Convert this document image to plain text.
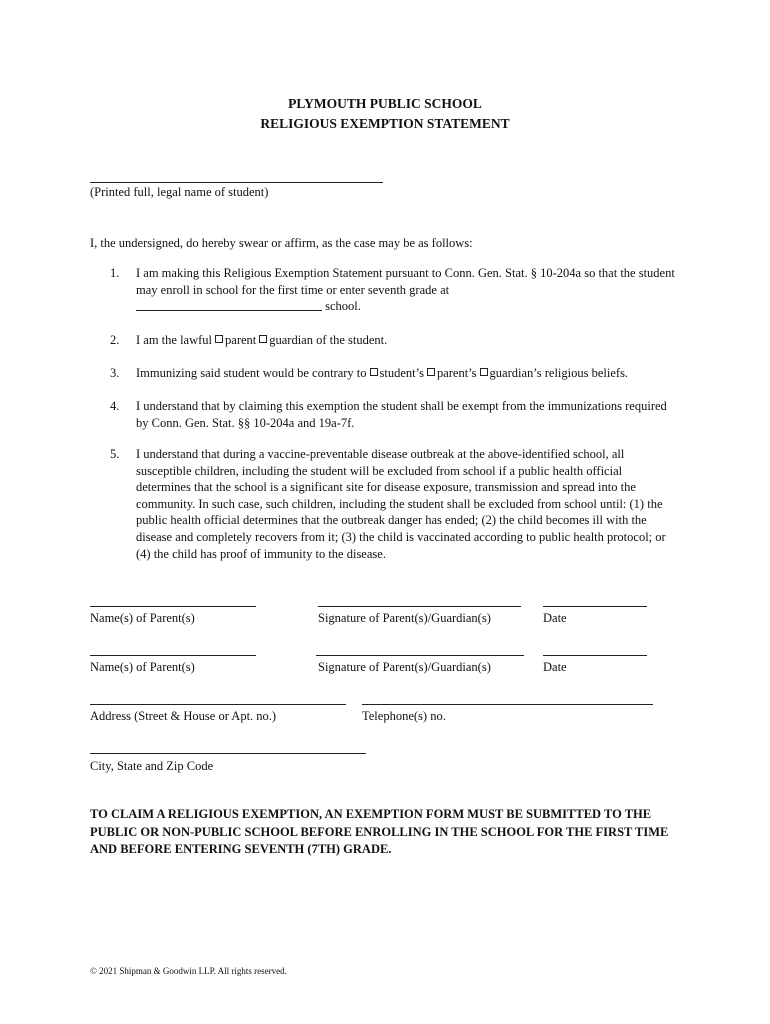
PLYMOUTH PUBLIC SCHOOL
RELIGIOUS EXEMPTION STATEMENT
(Printed full, legal name of student)
I, the undersigned, do hereby swear or affirm, as the case may be as follows:
1.	I am making this Religious Exemption Statement pursuant to Conn. Gen. Stat. § 10-204a so that the student may enroll in school for the first time or enter seventh grade at
school.
2.	I am the lawful parent guardian of the student.
3.	Immunizing said student would be contrary to student’s parent’s guardian’s religious beliefs.
4.	I understand that by claiming this exemption the student shall be exempt from the immunizations required by Conn. Gen. Stat. §§ 10-204a and 19a-7f.
5.	I understand that during a vaccine-preventable disease outbreak at the above-identified school, all susceptible children, including the student will be excluded from school if a public health official determines that the school is a significant site for disease exposure, transmission and spread into the community. In such case, such children, including the student shall be excluded from school until: (1) the public health official determines that the outbreak danger has ended; (2) the child becomes ill with the disease and completely recovers from it; (3) the child is vaccinated according to public health protocol; or (4) the child has proof of immunity to the disease.
Name(s) of Parent(s)	Signature of Parent(s)/Guardian(s)	Date
Name(s) of Parent(s)	Signature of Parent(s)/Guardian(s)	Date
Address (Street & House or Apt. no.)	Telephone(s) no.
City, State and Zip Code
TO CLAIM A RELIGIOUS EXEMPTION, AN EXEMPTION FORM MUST BE SUBMITTED TO THE PUBLIC OR NON-PUBLIC SCHOOL BEFORE ENROLLING IN THE SCHOOL FOR THE FIRST TIME AND BEFORE ENTERING SEVENTH (7TH) GRADE.
© 2021 Shipman & Goodwin LLP. All rights reserved.
